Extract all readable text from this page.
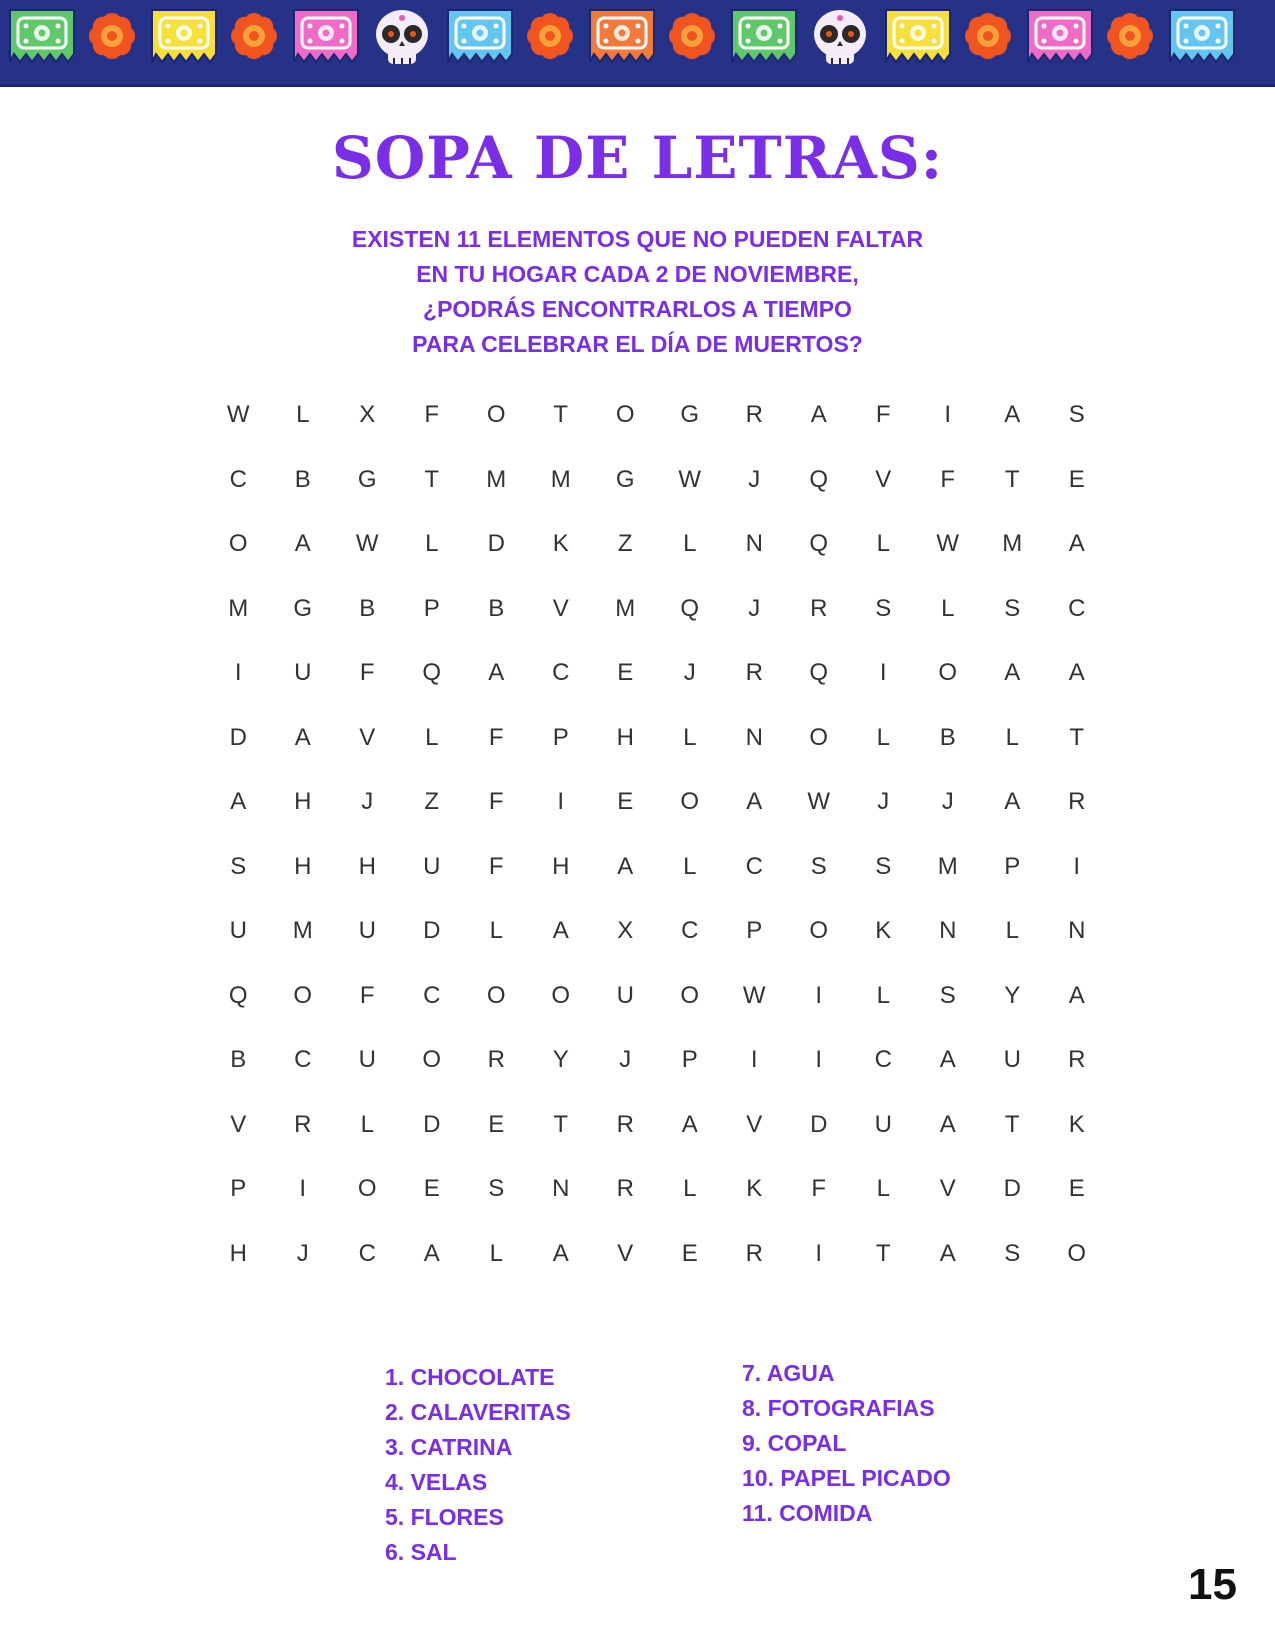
SOPA DE LETRAS:
EXISTEN 11 ELEMENTOS QUE NO PUEDEN FALTAR
EN TU HOGAR CADA 2 DE NOVIEMBRE,
¿PODRÁS ENCONTRARLOS A TIEMPO
PARA CELEBRAR EL DÍA DE MUERTOS?
W	L	X	F	O	T	O	G	R	A	F	I	A	S
C	B	G	T	M	M	G	W	J	Q	V	F	T	E
O	A	W	L	D	K	Z	L	N	Q	L	W	M	A
M	G	B	P	B	V	M	Q	J	R	S	L	S	C
I	U	F	Q	A	C	E	J	R	Q	I	O	A	A
D	A	V	L	F	P	H	L	N	O	L	B	L	T
A	H	J	Z	F	I	E	O	A	W	J	J	A	R
S	H	H	U	F	H	A	L	C	S	S	M	P	I
U	M	U	D	L	A	X	C	P	O	K	N	L	N
Q	O	F	C	O	O	U	O	W	I	L	S	Y	A
B	C	U	O	R	Y	J	P	I	I	C	A	U	R
V	R	L	D	E	T	R	A	V	D	U	A	T	K
P	I	O	E	S	N	R	L	K	F	L	V	D	E
H	J	C	A	L	A	V	E	R	I	T	A	S	O
1. CHOCOLATE
2. CALAVERITAS
3. CATRINA
4. VELAS
5. FLORES
6. SAL
7. AGUA
8. FOTOGRAFIAS
9. COPAL
10. PAPEL PICADO
11. COMIDA
15
